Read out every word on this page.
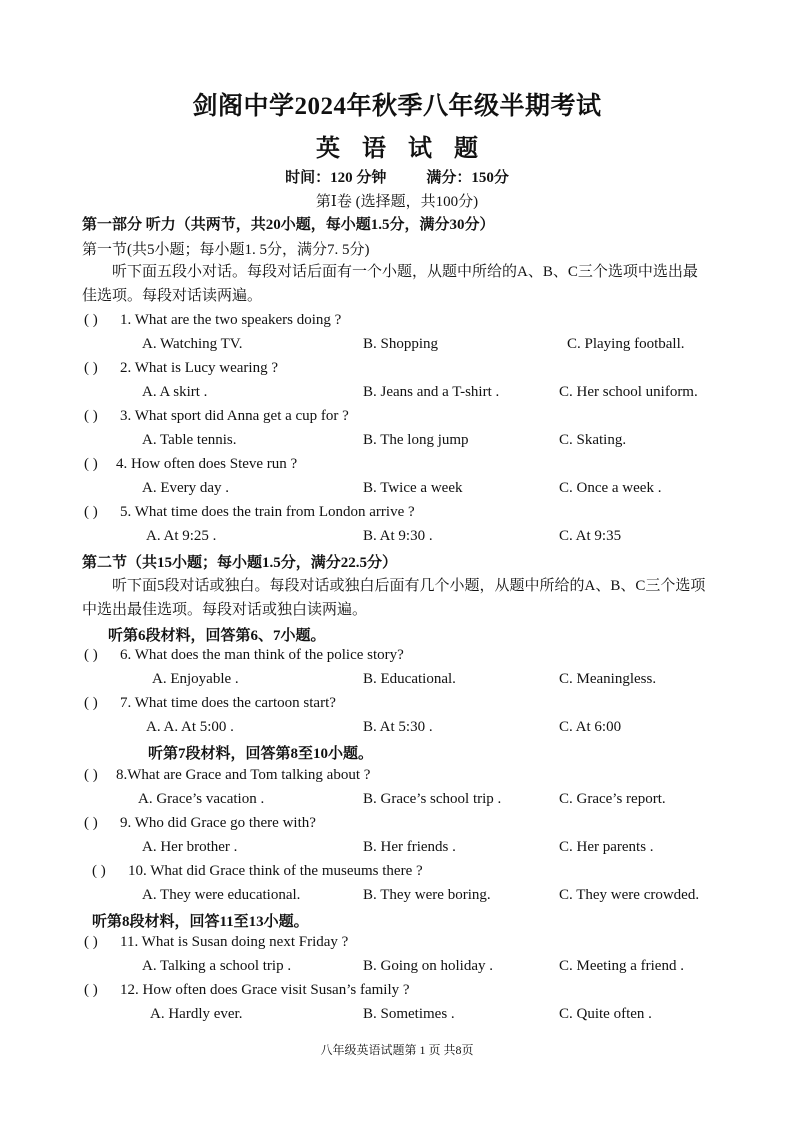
剑阁中学2024年秋季八年级半期考试
英 语 试 题
时间：120 分钟	满分：150分
第Ⅰ卷 (选择题，共100分)
第一部分 听力（共两节，共20小题，每小题1.5分，满分30分）
第一节(共5小题；每小题1. 5分，满分7. 5分)
听下面五段小对话。每段对话后面有一个小题，从题中所给的A、B、C三个选项中选出最佳选项。每段对话读两遍。
( ) 1. What are the two speakers doing ?
A. Watching TV.	B. Shopping	C. Playing football.
( ) 2. What is Lucy wearing ?
A. A skirt .	B. Jeans and a T-shirt .	C. Her school uniform.
( ) 3. What sport did Anna get a cup for ?
A. Table tennis.	B. The long jump	C. Skating.
( ) 4. How often does Steve run ?
A. Every day .	B. Twice a week	C. Once a week .
( ) 5. What time does the train from London arrive ?
A. At 9:25 .	B. At 9:30 .	C. At 9:35
第二节（共15小题；每小题1.5分，满分22.5分）
听下面5段对话或独白。每段对话或独白后面有几个小题，从题中所给的A、B、C三个选项中选出最佳选项。每段对话或独白读两遍。
听第6段材料，回答第6、7小题。
( ) 6. What does the man think of the police story?
A. Enjoyable .	B. Educational.	C. Meaningless.
( ) 7. What time does the cartoon start?
A. A. At 5:00 .	B. At 5:30 .	C. At 6:00
听第7段材料，回答第8至10小题。
( ) 8.What are Grace and Tom talking about ?
A. Grace’s vacation .	B. Grace’s school trip .	C. Grace’s report.
( ) 9. Who did Grace go there with?
A. Her brother .	B. Her friends .	C. Her parents .
( ) 10. What did Grace think of the museums there ?
A. They were educational.	B. They were boring.	C. They were crowded.
听第8段材料，回答11至13小题。
( ) 11. What is Susan doing next Friday ?
A. Talking a school trip .	B. Going on holiday .	C. Meeting a friend .
( ) 12. How often does Grace visit Susan’s family ?
A. Hardly ever.	B. Sometimes .	C. Quite often .
八年级英语试题第 1 页 共8页
